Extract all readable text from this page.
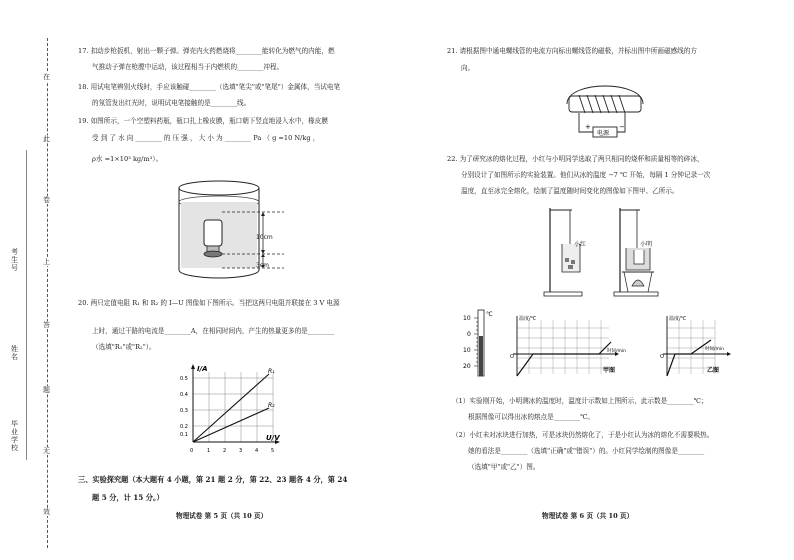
在
此
卷
上
答
题
无
效
考生号
姓名
毕业学校
17. 扣动步枪扳机，射出一颗子弹。弹壳内火药燃烧将________能转化为燃气的内能，燃
气推动子弹在枪膛中运动，该过程相当于内燃机的________冲程。
18. 用试电笔辨别火线时，手应该触碰________（选填"笔尖"或"笔尾"）金属体，当试电笔
的氖管发出红光时，说明试电笔接触的是________线。
19. 如图所示，一个空塑料药瓶，瓶口扎上橡皮膜，瓶口朝下竖直地浸入水中，橡皮膜
受 到 了 水 向 ________ 的 压 强 ， 大 小 为 ________ Pa （ g =10 N/kg ，
ρ水 =1×10³ kg/m³）。
10cm
3cm
20. 两只定值电阻 R₁ 和 R₂ 的 I—U 图像如下图所示。当把这两只电阻并联接在 3 V 电源
上时，通过干路的电流是________A，在相同时间内，产生的热量更多的是________
（选填"R₁"或"R₂"）。
I/A
U/V
0.5
0.4
0.3
0.2
0.1
0	1	2	3	4	5
R₁
R₂
三、实验探究题（本大题有 4 小题，第 21 题 2 分，第 22、23 题各 4 分，第 24
题 5 分，计 15 分。）
物理试卷 第 5 页（共 10 页）
21. 请根据图中通电螺线管的电流方向标出螺线管的磁极，并标出图中所画磁感线的方
向。
电源
+	−
22. 为了研究冰的熔化过程，小红与小明同学选取了两只相同的烧杯和质量相等的碎冰，
分别设计了如图所示的实验装置。他们从冰的温度 −7 ℃ 开始，每隔 1 分钟记录一次
温度，直至冰完全熔化，绘制了温度随时间变化的图像如下图甲、乙所示。
小红	小明
℃
10
0
10
20
温度/℃
时间/min
O
甲图
温度/℃
时间/min
O
乙图
（1）实验刚开始，小明测冰的温度时，温度计示数如上图所示，此示数是________℃；
根据图像可以得出冰的熔点是________℃。
（2）小红未对冰块进行加热，可是冰块仍然熔化了，于是小红认为冰的熔化不需要吸热。
她的看法是________（选填"正确"或"错误"）的。小红同学绘制的图像是________
（选填"甲"或"乙"）图。
物理试卷 第 6 页（共 10 页）
